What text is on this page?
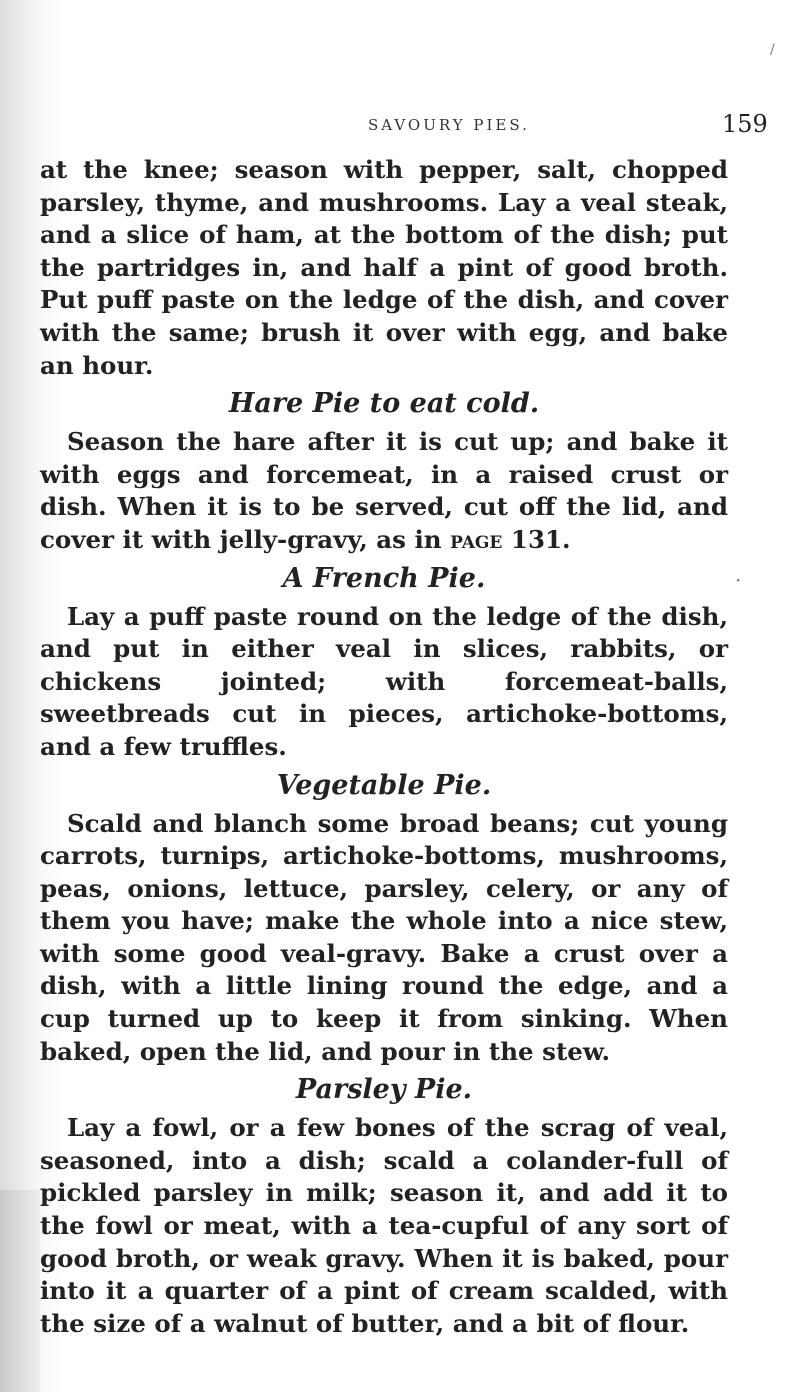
/
·
SAVOURY PIES.	159

at the knee; season with pepper, salt, chopped parsley, thyme, and mushrooms. Lay a veal steak, and a slice of ham, at the bottom of the dish; put the partridges in, and half a pint of good broth. Put puff paste on the ledge of the dish, and cover with the same; brush it over with egg, and bake an hour.

Hare Pie to eat cold.

Season the hare after it is cut up; and bake it with eggs and forcemeat, in a raised crust or dish. When it is to be served, cut off the lid, and cover it with jelly-gravy, as in page 131.

A French Pie.

Lay a puff paste round on the ledge of the dish, and put in either veal in slices, rabbits, or chickens jointed; with forcemeat-balls, sweetbreads cut in pieces, artichoke-bottoms, and a few truffles.

Vegetable Pie.

Scald and blanch some broad beans; cut young carrots, turnips, artichoke-bottoms, mushrooms, peas, onions, lettuce, parsley, celery, or any of them you have; make the whole into a nice stew, with some good veal-gravy. Bake a crust over a dish, with a little lining round the edge, and a cup turned up to keep it from sinking. When baked, open the lid, and pour in the stew.

Parsley Pie.

Lay a fowl, or a few bones of the scrag of veal, seasoned, into a dish; scald a colander-full of pickled parsley in milk; season it, and add it to the fowl or meat, with a tea-cupful of any sort of good broth, or weak gravy. When it is baked, pour into it a quarter of a pint of cream scalded, with the size of a walnut of butter, and a bit of flour.
